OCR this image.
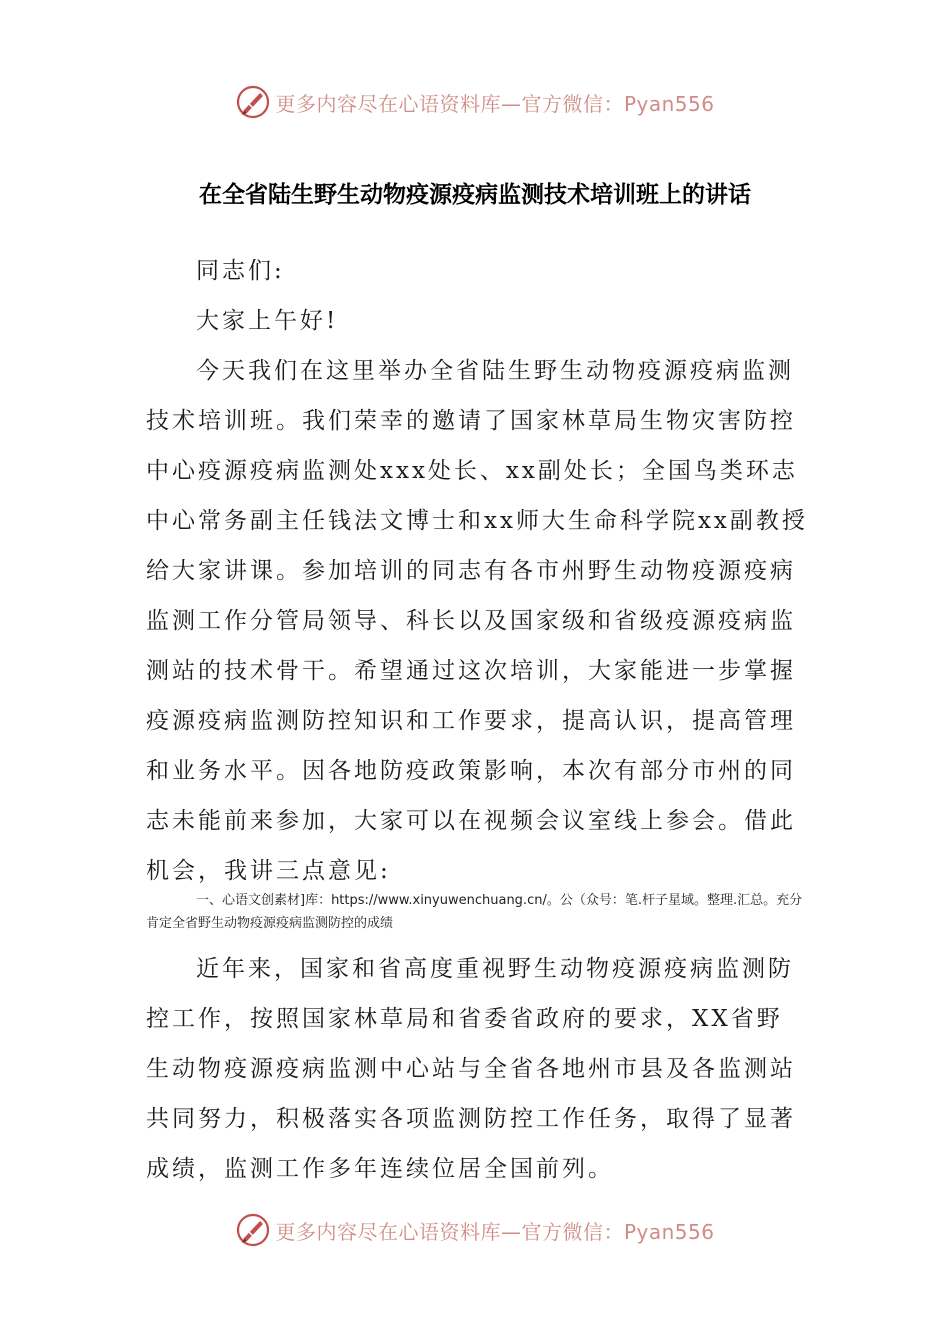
更多内容尽在心语资料库—官方微信：Pyan556
在全省陆生野生动物疫源疫病监测技术培训班上的讲话

同志们:

大家上午好!

今天我们在这里举办全省陆生野生动物疫源疫病监测技术培训班。我们荣幸的邀请了国家林草局生物灾害防控中心疫源疫病监测处xxx处长、xx副处长；全国鸟类环志中心常务副主任钱法文博士和xx师大生命科学院xx副教授给大家讲课。参加培训的同志有各市州野生动物疫源疫病监测工作分管局领导、科长以及国家级和省级疫源疫病监测站的技术骨干。希望通过这次培训，大家能进一步掌握疫源疫病监测防控知识和工作要求，提高认识，提高管理和业务水平。因各地防疫政策影响，本次有部分市州的同志未能前来参加，大家可以在视频会议室线上参会。借此机会，我讲三点意见:

一、心语文创素材]库：https://www.xinyuwenchuang.cn/。公（众号：笔.杆子星域。整理.汇总。充分肯定全省野生动物疫源疫病监测防控的成绩

近年来，国家和省高度重视野生动物疫源疫病监测防控工作，按照国家林草局和省委省政府的要求，XX省野生动物疫源疫病监测中心站与全省各地州市县及各监测站共同努力，积极落实各项监测防控工作任务，取得了显著成绩，监测工作多年连续位居全国前列。

更多内容尽在心语资料库—官方微信：Pyan556
